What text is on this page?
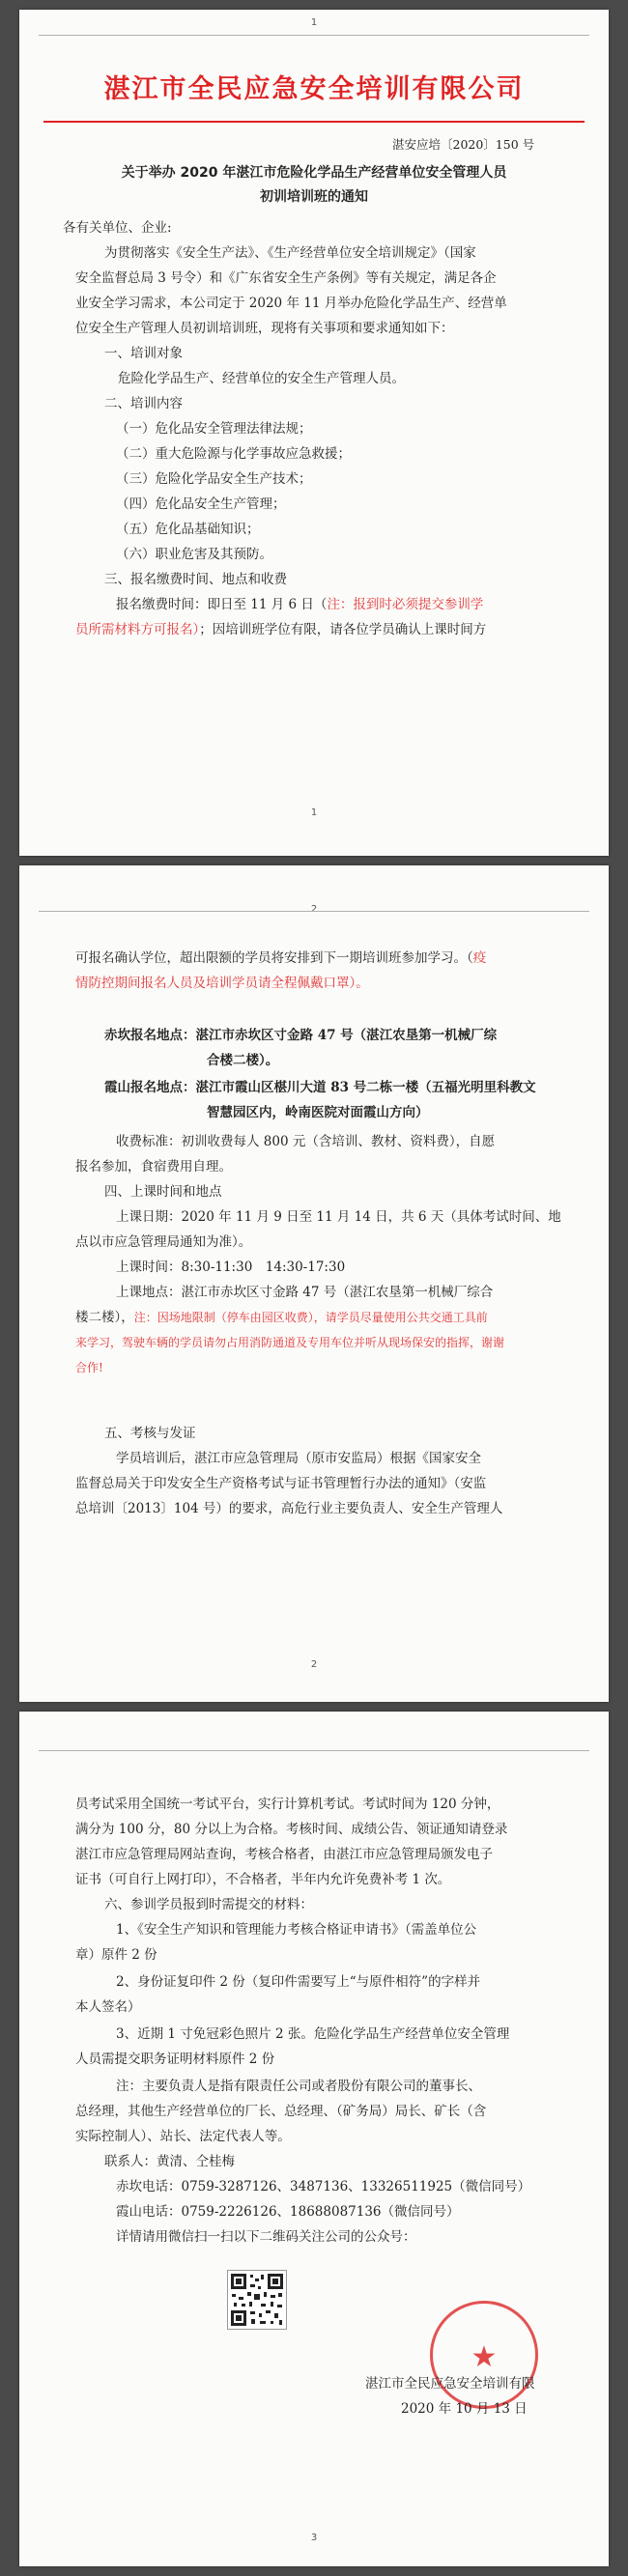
1
湛江市全民应急安全培训有限公司
湛安应培〔2020〕150 号
关于举办 2020 年湛江市危险化学品生产经营单位安全管理人员
初训培训班的通知
各有关单位、企业:
为贯彻落实《安全生产法》、《生产经营单位安全培训规定》（国家
安全监督总局 3 号令）和《广东省安全生产条例》等有关规定，满足各企
业安全学习需求，本公司定于 2020 年 11 月举办危险化学品生产、经营单
位安全生产管理人员初训培训班，现将有关事项和要求通知如下：
一、培训对象
危险化学品生产、经营单位的安全生产管理人员。
二、培训内容
（一）危化品安全管理法律法规；
（二）重大危险源与化学事故应急救援；
（三）危险化学品安全生产技术；
（四）危化品安全生产管理；
（五）危化品基础知识；
（六）职业危害及其预防。
三、报名缴费时间、地点和收费
报名缴费时间：即日至 11 月 6 日（注：报到时必须提交参训学
员所需材料方可报名）；因培训班学位有限，请各位学员确认上课时间方
1
2
可报名确认学位，超出限额的学员将安排到下一期培训班参加学习。（疫
情防控期间报名人员及培训学员请全程佩戴口罩）。
赤坎报名地点：湛江市赤坎区寸金路 47 号（湛江农垦第一机械厂综
合楼二楼）。
霞山报名地点：湛江市霞山区椹川大道 83 号二栋一楼（五福光明里科教文
智慧园区内，岭南医院对面霞山方向）
收费标准：初训收费每人 800 元（含培训、教材、资料费），自愿
报名参加，食宿费用自理。
四、上课时间和地点
上课日期：2020 年 11 月 9 日至 11 月 14 日，共 6 天（具体考试时间、地
点以市应急管理局通知为准）。
上课时间：8:30-11:30　14:30-17:30
上课地点：湛江市赤坎区寸金路 47 号（湛江农垦第一机械厂综合
楼二楼），注：因场地限制（停车由园区收费），请学员尽量使用公共交通工具前
来学习，驾驶车辆的学员请勿占用消防通道及专用车位并听从现场保安的指挥，谢谢
合作!
五、考核与发证
学员培训后，湛江市应急管理局（原市安监局）根据《国家安全
监督总局关于印发安全生产资格考试与证书管理暂行办法的通知》（安监
总培训〔2013〕104 号）的要求，高危行业主要负责人、安全生产管理人
2
员考试采用全国统一考试平台，实行计算机考试。考试时间为 120 分钟，
满分为 100 分，80 分以上为合格。考核时间、成绩公告、领证通知请登录
湛江市应急管理局网站查询，考核合格者，由湛江市应急管理局颁发电子
证书（可自行上网打印），不合格者，半年内允许免费补考 1 次。
六、参训学员报到时需提交的材料：
1、《安全生产知识和管理能力考核合格证申请书》（需盖单位公
章）原件 2 份
2、身份证复印件 2 份（复印件需要写上“与原件相符”的字样并
本人签名）
3、近期 1 寸免冠彩色照片 2 张。危险化学品生产经营单位安全管理
人员需提交职务证明材料原件 2 份
注：主要负责人是指有限责任公司或者股份有限公司的董事长、
总经理，其他生产经营单位的厂长、总经理、（矿务局）局长、矿长（含
实际控制人）、站长、法定代表人等。
联系人：黄清、仝桂梅
赤坎电话：0759-3287126、3487136、13326511925（微信同号）
霞山电话：0759-2226126、18688087136（微信同号）
详情请用微信扫一扫以下二维码关注公司的公众号：
★
湛江市全民应急安全培训有限
2020 年 10 月 13 日
3
